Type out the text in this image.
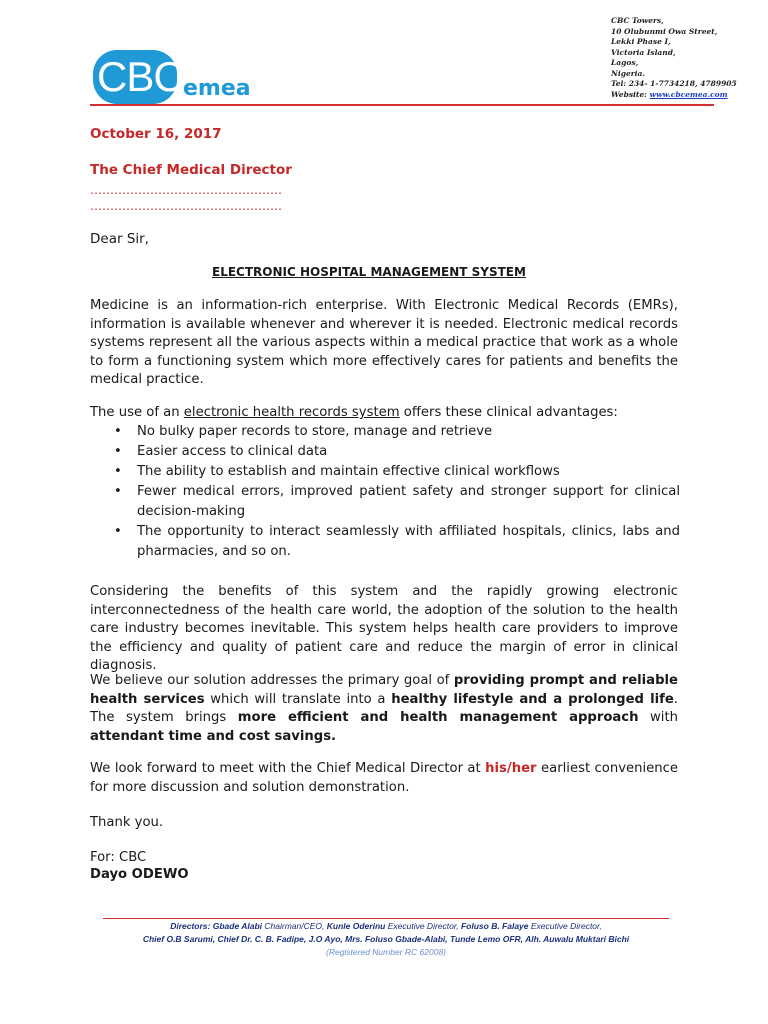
CBC emea
CBC Towers,
10 Olubunmi Owa Street,
Lekki Phase I,
Victoria Island,
Lagos,
Nigeria.
Tel: 234- 1-7734218, 4789905
Website: www.cbcemea.com
October 16, 2017
The Chief Medical Director
…………………………………………
…………………………………………
Dear Sir,
ELECTRONIC HOSPITAL MANAGEMENT SYSTEM
Medicine is an information-rich enterprise. With Electronic Medical Records (EMRs), information is available whenever and wherever it is needed. Electronic medical records systems represent all the various aspects within a medical practice that work as a whole to form a functioning system which more effectively cares for patients and benefits the medical practice.
The use of an electronic health records system offers these clinical advantages:
• No bulky paper records to store, manage and retrieve
• Easier access to clinical data
• The ability to establish and maintain effective clinical workflows
• Fewer medical errors, improved patient safety and stronger support for clinical decision-making
• The opportunity to interact seamlessly with affiliated hospitals, clinics, labs and pharmacies, and so on.
Considering the benefits of this system and the rapidly growing electronic interconnectedness of the health care world, the adoption of the solution to the health care industry becomes inevitable. This system helps health care providers to improve the efficiency and quality of patient care and reduce the margin of error in clinical diagnosis.
We believe our solution addresses the primary goal of providing prompt and reliable health services which will translate into a healthy lifestyle and a prolonged life. The system brings more efficient and health management approach with attendant time and cost savings.
We look forward to meet with the Chief Medical Director at his/her earliest convenience for more discussion and solution demonstration.
Thank you.
For: CBC
Dayo ODEWO
Directors: Gbade Alabi Chairman/CEO, Kunle Oderinu Executive Director, Foluso B. Falaye Executive Director,
Chief O.B Sarumi, Chief Dr. C. B. Fadipe, J.O Ayo, Mrs. Foluso Gbade-Alabi, Tunde Lemo OFR, Alh. Auwalu Muktari Bichi
(Registered Number RC 62008)
